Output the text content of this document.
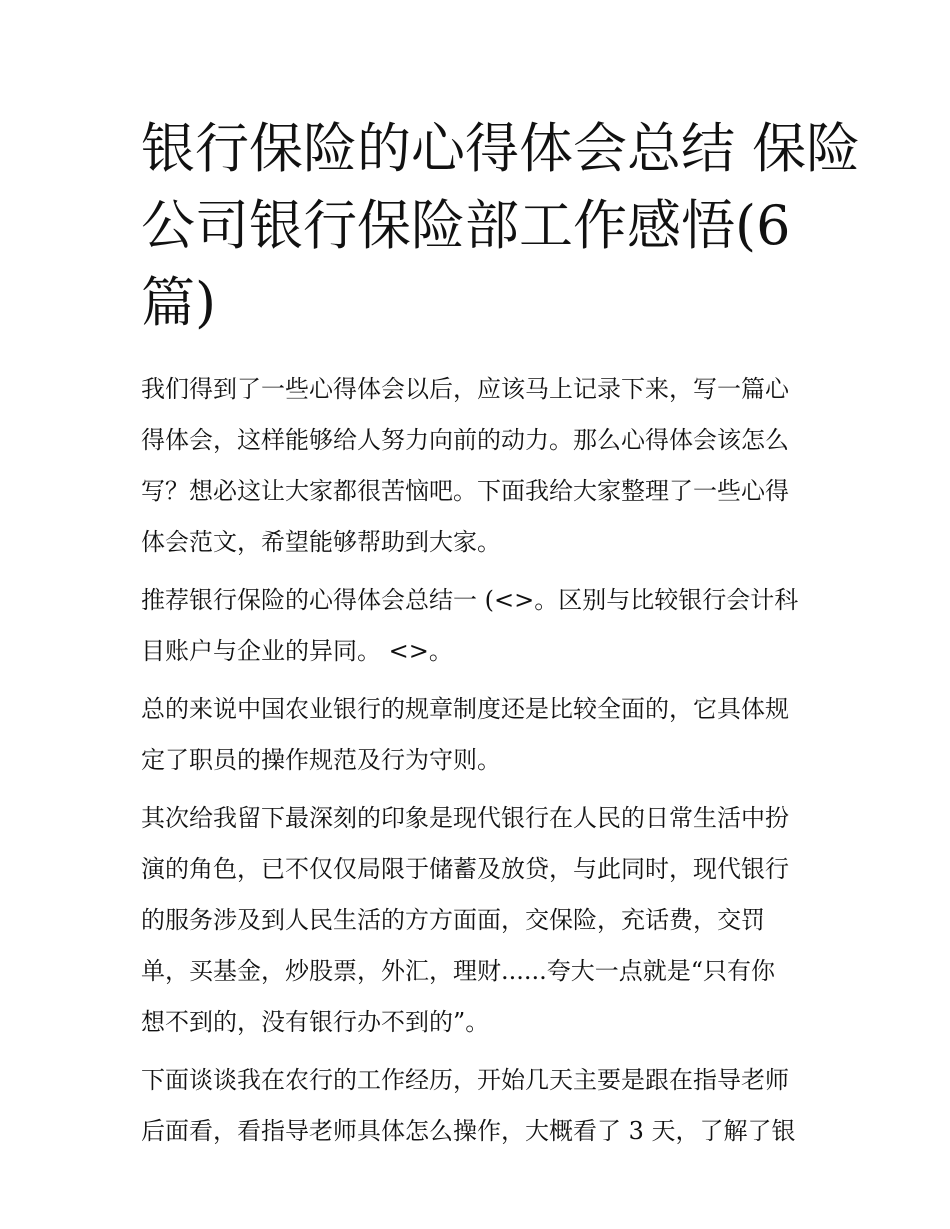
银行保险的心得体会总结 保险
公司银行保险部工作感悟(6
篇)
我们得到了一些心得体会以后，应该马上记录下来，写一篇心
得体会，这样能够给人努力向前的动力。那么心得体会该怎么
写？想必这让大家都很苦恼吧。下面我给大家整理了一些心得
体会范文，希望能够帮助到大家。
推荐银行保险的心得体会总结一 (<>。区别与比较银行会计科
目账户与企业的异同。 <>。
总的来说中国农业银行的规章制度还是比较全面的，它具体规
定了职员的操作规范及行为守则。
其次给我留下最深刻的印象是现代银行在人民的日常生活中扮
演的角色，已不仅仅局限于储蓄及放贷，与此同时，现代银行
的服务涉及到人民生活的方方面面，交保险，充话费，交罚
单，买基金，炒股票，外汇，理财......夸大一点就是“只有你
想不到的，没有银行办不到的”。
下面谈谈我在农行的工作经历，开始几天主要是跟在指导老师
后面看，看指导老师具体怎么操作，大概看了 3 天，了解了银
